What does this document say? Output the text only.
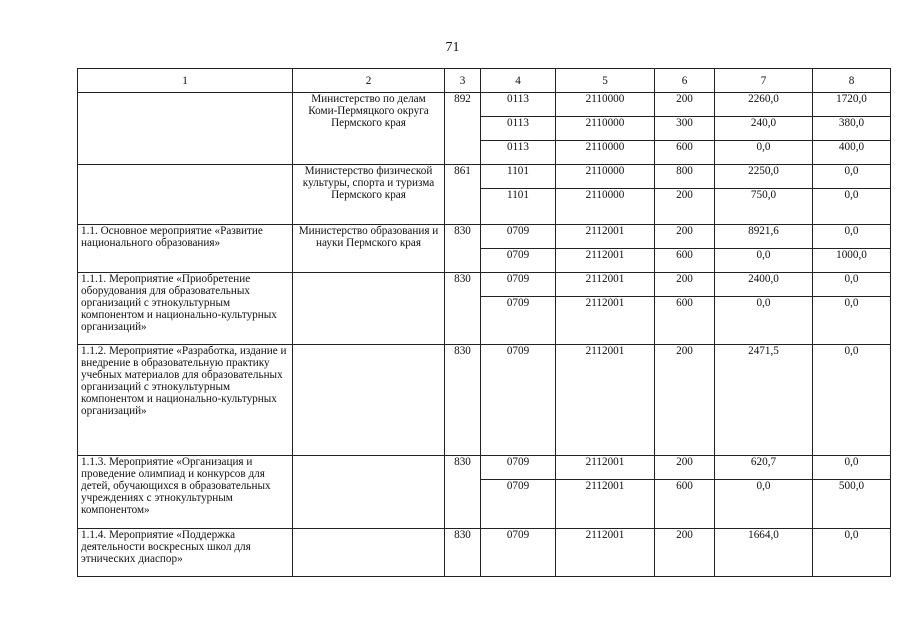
71
1	2	3	4	5	6	7	8
	Министерство по делам Коми-Пермяцкого округа Пермского края	892	0113	2110000	200	2260,0	1720,0
			0113	2110000	300	240,0	380,0
			0113	2110000	600	0,0	400,0
	Министерство физической культуры, спорта и туризма Пермского края	861	1101	2110000	800	2250,0	0,0
			1101	2110000	200	750,0	0,0
1.1. Основное мероприятие «Развитие национального образования»	Министерство образования и науки Пермского края	830	0709	2112001	200	8921,6	0,0
			0709	2112001	600	0,0	1000,0
1.1.1. Мероприятие «Приобретение оборудования для образовательных организаций с этнокультурным компонентом и национально-культурных организаций»		830	0709	2112001	200	2400,0	0,0
			0709	2112001	600	0,0	0,0
1.1.2. Мероприятие «Разработка, издание и внедрение в образовательную практику учебных материалов для образовательных организаций с этнокультурным компонентом и национально-культурных организаций»		830	0709	2112001	200	2471,5	0,0
1.1.3. Мероприятие «Организация и проведение олимпиад и конкурсов для детей, обучающихся в образовательных учреждениях с этнокультурным компонентом»		830	0709	2112001	200	620,7	0,0
			0709	2112001	600	0,0	500,0
1.1.4. Мероприятие «Поддержка деятельности воскресных школ для этнических диаспор»		830	0709	2112001	200	1664,0	0,0
